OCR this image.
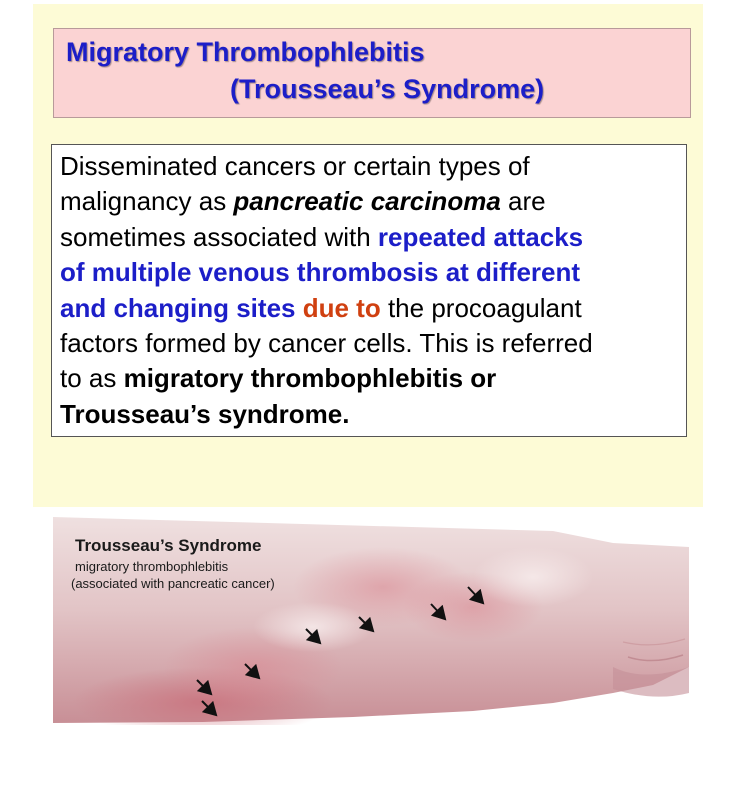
Migratory Thrombophlebitis
(Trousseau’s Syndrome)

Disseminated cancers or certain types of

malignancy as pancreatic carcinoma are

sometimes associated with repeated attacks

of multiple venous thrombosis at different

and changing sites due to the procoagulant

factors formed by cancer cells. This is referred

to as migratory thrombophlebitis or

Trousseau’s syndrome.

Trousseau’s Syndrome
migratory thrombophlebitis
(associated with pancreatic cancer)
